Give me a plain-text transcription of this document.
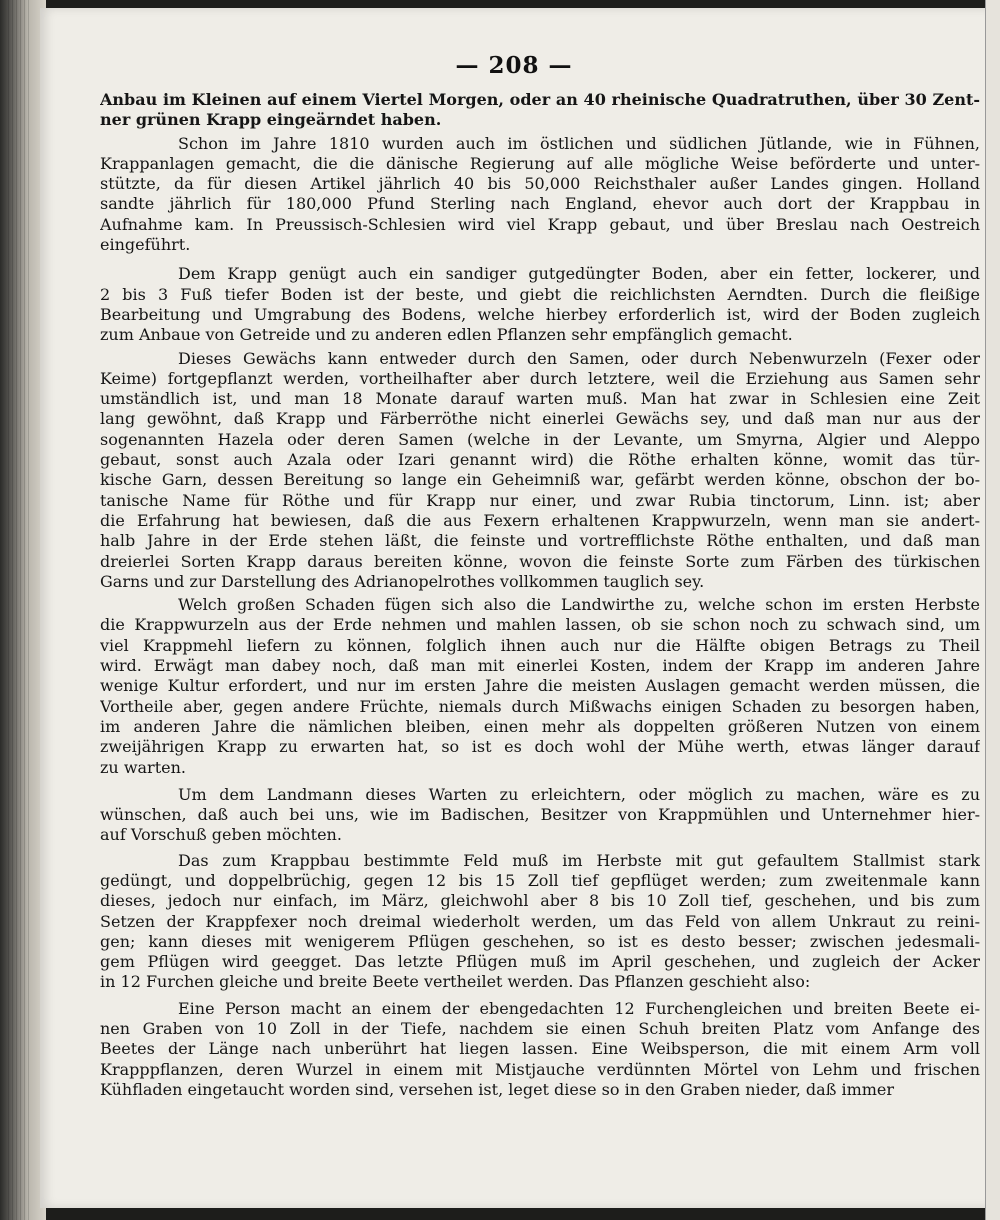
— 208 —
Anbau im Kleinen auf einem Viertel Morgen, oder an 40 rheinische Quadratruthen, über 30 Zent-
ner grünen Krapp eingeärndet haben.
Schon im Jahre 1810 wurden auch im östlichen und südlichen Jütlande, wie in Fühnen,
Krappanlagen gemacht, die die dänische Regierung auf alle mögliche Weise beförderte und unter-
stützte, da für diesen Artikel jährlich 40 bis 50,000 Reichsthaler außer Landes gingen. Holland
sandte jährlich für 180,000 Pfund Sterling nach England, ehevor auch dort der Krappbau in
Aufnahme kam. In Preussisch-Schlesien wird viel Krapp gebaut, und über Breslau nach Oestreich
eingeführt.
Dem Krapp genügt auch ein sandiger gutgedüngter Boden, aber ein fetter, lockerer, und
2 bis 3 Fuß tiefer Boden ist der beste, und giebt die reichlichsten Aerndten. Durch die fleißige
Bearbeitung und Umgrabung des Bodens, welche hierbey erforderlich ist, wird der Boden zugleich
zum Anbaue von Getreide und zu anderen edlen Pflanzen sehr empfänglich gemacht.
Dieses Gewächs kann entweder durch den Samen, oder durch Nebenwurzeln (Fexer oder
Keime) fortgepflanzt werden, vortheilhafter aber durch letztere, weil die Erziehung aus Samen sehr
umständlich ist, und man 18 Monate darauf warten muß. Man hat zwar in Schlesien eine Zeit
lang gewöhnt, daß Krapp und Färberröthe nicht einerlei Gewächs sey, und daß man nur aus der
sogenannten Hazela oder deren Samen (welche in der Levante, um Smyrna, Algier und Aleppo
gebaut, sonst auch Azala oder Izari genannt wird) die Röthe erhalten könne, womit das tür-
kische Garn, dessen Bereitung so lange ein Geheimniß war, gefärbt werden könne, obschon der bo-
tanische Name für Röthe und für Krapp nur einer, und zwar Rubia tinctorum, Linn. ist; aber
die Erfahrung hat bewiesen, daß die aus Fexern erhaltenen Krappwurzeln, wenn man sie andert-
halb Jahre in der Erde stehen läßt, die feinste und vortrefflichste Röthe enthalten, und daß man
dreierlei Sorten Krapp daraus bereiten könne, wovon die feinste Sorte zum Färben des türkischen
Garns und zur Darstellung des Adrianopelrothes vollkommen tauglich sey.
Welch großen Schaden fügen sich also die Landwirthe zu, welche schon im ersten Herbste
die Krappwurzeln aus der Erde nehmen und mahlen lassen, ob sie schon noch zu schwach sind, um
viel Krappmehl liefern zu können, folglich ihnen auch nur die Hälfte obigen Betrags zu Theil
wird. Erwägt man dabey noch, daß man mit einerlei Kosten, indem der Krapp im anderen Jahre
wenige Kultur erfordert, und nur im ersten Jahre die meisten Auslagen gemacht werden müssen, die
Vortheile aber, gegen andere Früchte, niemals durch Mißwachs einigen Schaden zu besorgen haben,
im anderen Jahre die nämlichen bleiben, einen mehr als doppelten größeren Nutzen von einem
zweijährigen Krapp zu erwarten hat, so ist es doch wohl der Mühe werth, etwas länger darauf
zu warten.
Um dem Landmann dieses Warten zu erleichtern, oder möglich zu machen, wäre es zu
wünschen, daß auch bei uns, wie im Badischen, Besitzer von Krappmühlen und Unternehmer hier-
auf Vorschuß geben möchten.
Das zum Krappbau bestimmte Feld muß im Herbste mit gut gefaultem Stallmist stark
gedüngt, und doppelbrüchig, gegen 12 bis 15 Zoll tief gepflüget werden; zum zweitenmale kann
dieses, jedoch nur einfach, im März, gleichwohl aber 8 bis 10 Zoll tief, geschehen, und bis zum
Setzen der Krappfexer noch dreimal wiederholt werden, um das Feld von allem Unkraut zu reini-
gen; kann dieses mit wenigerem Pflügen geschehen, so ist es desto besser; zwischen jedesmali-
gem Pflügen wird geegget. Das letzte Pflügen muß im April geschehen, und zugleich der Acker
in 12 Furchen gleiche und breite Beete vertheilet werden. Das Pflanzen geschieht also:
Eine Person macht an einem der ebengedachten 12 Furchengleichen und breiten Beete ei-
nen Graben von 10 Zoll in der Tiefe, nachdem sie einen Schuh breiten Platz vom Anfange des
Beetes der Länge nach unberührt hat liegen lassen. Eine Weibsperson, die mit einem Arm voll
Krapppflanzen, deren Wurzel in einem mit Mistjauche verdünnten Mörtel von Lehm und frischen
Kühfladen eingetaucht worden sind, versehen ist, leget diese so in den Graben nieder, daß immer
